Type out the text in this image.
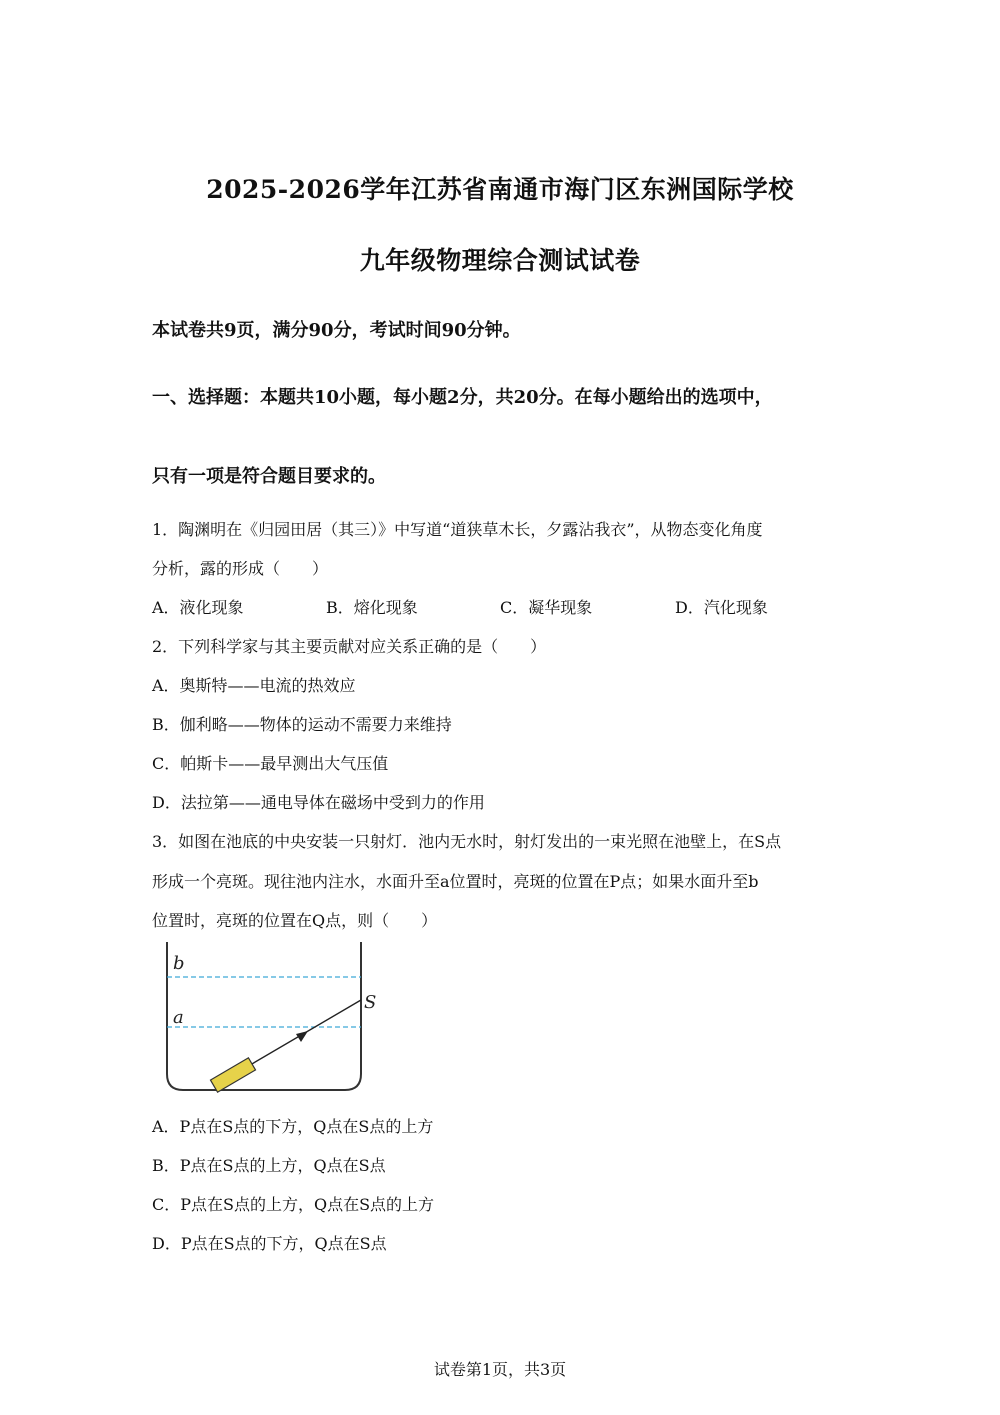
2025-2026学年江苏省南通市海门区东洲国际学校
九年级物理综合测试试卷
本试卷共9页，满分90分，考试时间90分钟。
一、选择题：本题共10小题，每小题2分，共20分。在每小题给出的选项中，
只有一项是符合题目要求的。
1．陶渊明在《归园田居（其三）》中写道“道狭草木长，夕露沾我衣”，从物态变化角度
分析，露的形成（　　）
A．液化现象	B．熔化现象	C．凝华现象	D．汽化现象
2．下列科学家与其主要贡献对应关系正确的是（　　）
A．奥斯特——电流的热效应
B．伽利略——物体的运动不需要力来维持
C．帕斯卡——最早测出大气压值
D．法拉第——通电导体在磁场中受到力的作用
3．如图在池底的中央安装一只射灯．池内无水时，射灯发出的一束光照在池壁上，在S点
形成一个亮斑。现往池内注水，水面升至a位置时，亮斑的位置在P点；如果水面升至b
位置时，亮斑的位置在Q点，则（　　）
b
a
S
A．P点在S点的下方，Q点在S点的上方
B．P点在S点的上方，Q点在S点
C．P点在S点的上方，Q点在S点的上方
D．P点在S点的下方，Q点在S点
试卷第1页，共3页
